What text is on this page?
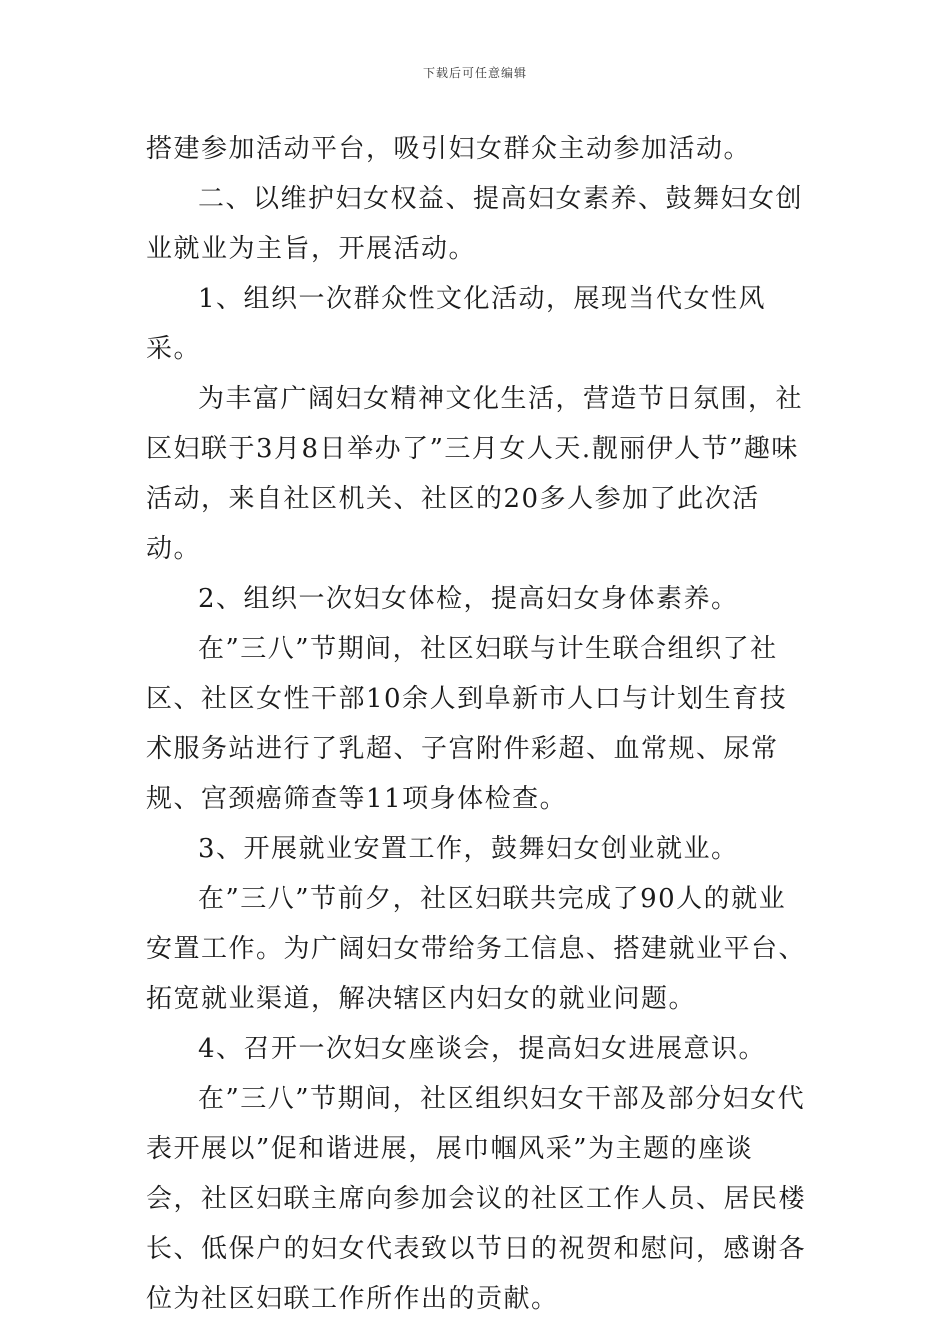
下载后可任意编辑

搭建参加活动平台，吸引妇女群众主动参加活动。

二、以维护妇女权益、提高妇女素养、鼓舞妇女创业就业为主旨，开展活动。

1、组织一次群众性文化活动，展现当代女性风采。

为丰富广阔妇女精神文化生活，营造节日氛围，社区妇联于3月8日举办了”三月女人天.靓丽伊人节”趣味活动，来自社区机关、社区的20多人参加了此次活动。

2、组织一次妇女体检，提高妇女身体素养。

在”三八”节期间，社区妇联与计生联合组织了社区、社区女性干部10余人到阜新市人口与计划生育技术服务站进行了乳超、子宫附件彩超、血常规、尿常规、宫颈癌筛查等11项身体检查。

3、开展就业安置工作，鼓舞妇女创业就业。

在”三八”节前夕，社区妇联共完成了90人的就业安置工作。为广阔妇女带给务工信息、搭建就业平台、拓宽就业渠道，解决辖区内妇女的就业问题。

4、召开一次妇女座谈会，提高妇女进展意识。

在”三八”节期间，社区组织妇女干部及部分妇女代表开展以”促和谐进展，展巾帼风采”为主题的座谈会，社区妇联主席向参加会议的社区工作人员、居民楼长、低保户的妇女代表致以节日的祝贺和慰问，感谢各位为社区妇联工作所作出的贡献。
